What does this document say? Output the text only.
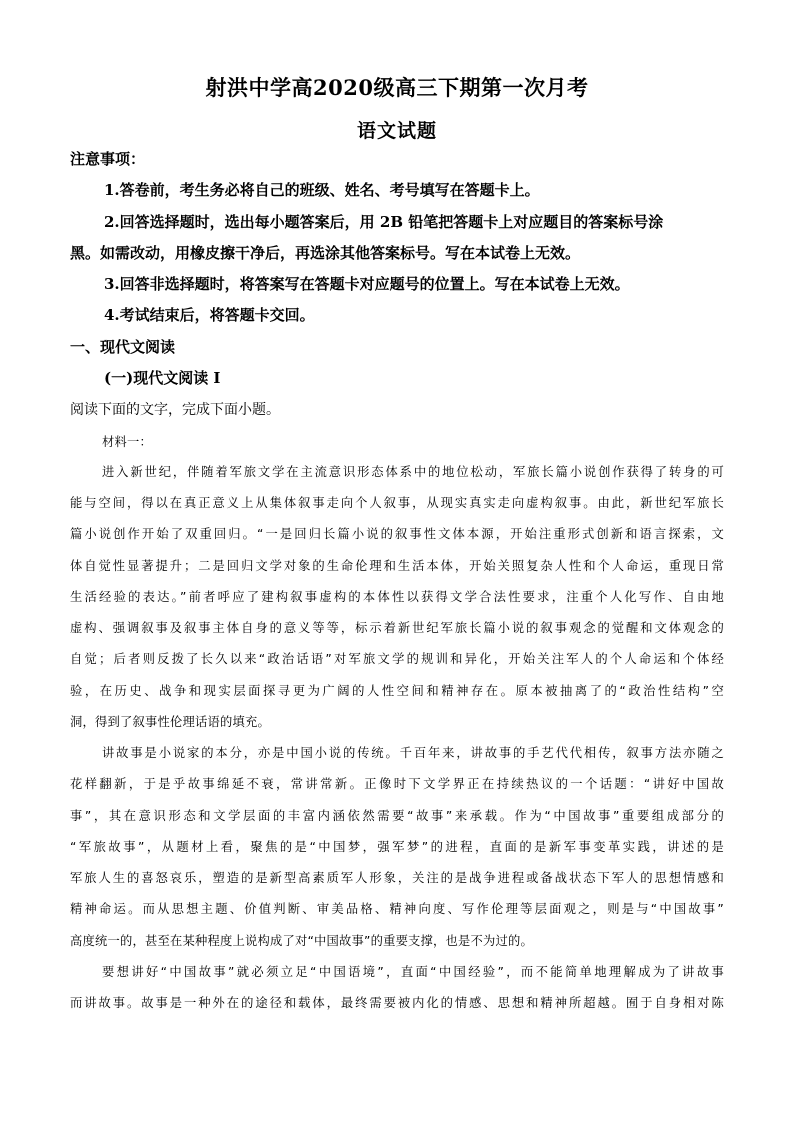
射洪中学高2020级高三下期第一次月考
语文试题
注意事项：
1.答卷前，考生务必将自己的班级、姓名、考号填写在答题卡上。
2.回答选择题时，选出每小题答案后，用 2B 铅笔把答题卡上对应题目的答案标号涂
黑。如需改动，用橡皮擦干净后，再选涂其他答案标号。写在本试卷上无效。
3.回答非选择题时，将答案写在答题卡对应题号的位置上。写在本试卷上无效。
4.考试结束后，将答题卡交回。
一、现代文阅读
(一)现代文阅读 I
阅读下面的文字，完成下面小题。
材料一：
进入新世纪，伴随着军旅文学在主流意识形态体系中的地位松动，军旅长篇小说创作获得了转身的可
能与空间，得以在真正意义上从集体叙事走向个人叙事，从现实真实走向虚构叙事。由此，新世纪军旅长
篇小说创作开始了双重回归。“一是回归长篇小说的叙事性文体本源，开始注重形式创新和语言探索，文
体自觉性显著提升；二是回归文学对象的生命伦理和生活本体，开始关照复杂人性和个人命运，重现日常
生活经验的表达。”前者呼应了建构叙事虚构的本体性以获得文学合法性要求，注重个人化写作、自由地
虚构、强调叙事及叙事主体自身的意义等等，标示着新世纪军旅长篇小说的叙事观念的觉醒和文体观念的
自觉；后者则反拨了长久以来“政治话语”对军旅文学的规训和异化，开始关注军人的个人命运和个体经
验，在历史、战争和现实层面探寻更为广阔的人性空间和精神存在。原本被抽离了的“政治性结构”空
洞，得到了叙事性伦理话语的填充。
讲故事是小说家的本分，亦是中国小说的传统。千百年来，讲故事的手艺代代相传，叙事方法亦随之
花样翻新，于是乎故事绵延不衰，常讲常新。正像时下文学界正在持续热议的一个话题：“讲好中国故
事”，其在意识形态和文学层面的丰富内涵依然需要“故事”来承载。作为“中国故事”重要组成部分的
“军旅故事”，从题材上看，聚焦的是“中国梦，强军梦”的进程，直面的是新军事变革实践，讲述的是
军旅人生的喜怒哀乐，塑造的是新型高素质军人形象，关注的是战争进程或备战状态下军人的思想情感和
精神命运。而从思想主题、价值判断、审美品格、精神向度、写作伦理等层面观之，则是与“中国故事”
高度统一的，甚至在某种程度上说构成了对“中国故事”的重要支撑，也是不为过的。
要想讲好“中国故事”就必须立足“中国语境”，直面“中国经验”，而不能简单地理解成为了讲故事
而讲故事。故事是一种外在的途径和载体，最终需要被内化的情感、思想和精神所超越。囿于自身相对陈
